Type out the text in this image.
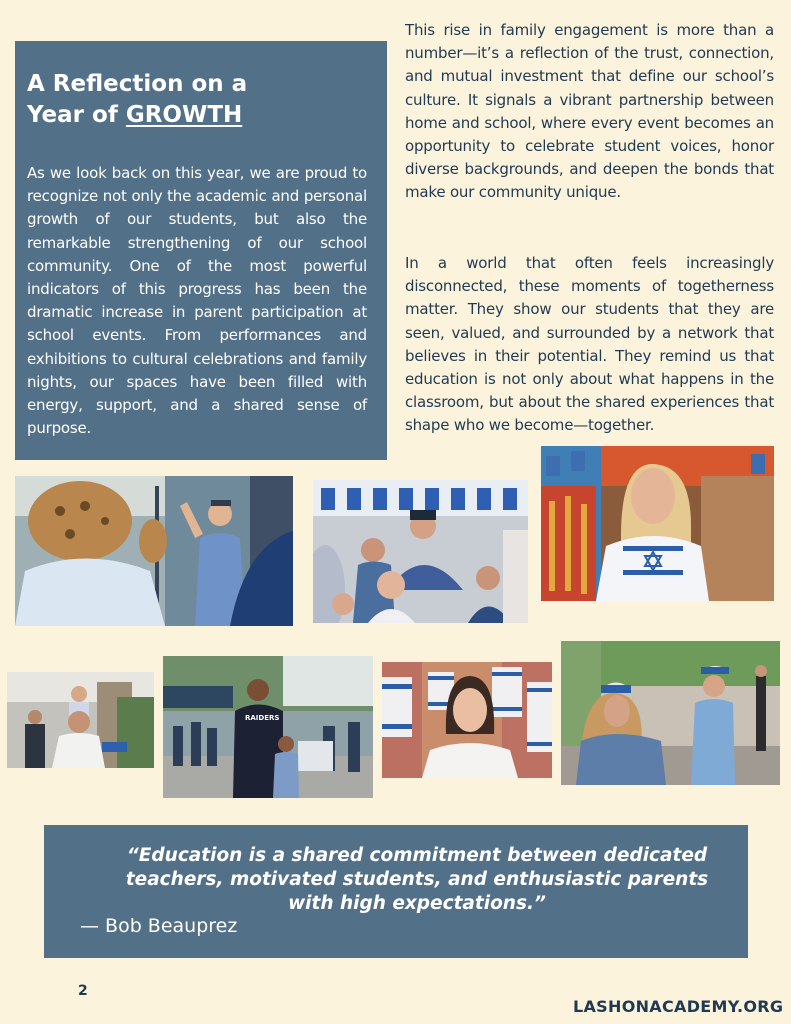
A Reflection on a
Year of GROWTH

As we look back on this year, we are proud to recognize not only the academic and personal growth of our students, but also the remarkable strengthening of our school community. One of the most powerful indicators of this progress has been the dramatic increase in parent participation at school events. From performances and exhibitions to cultural celebrations and family nights, our spaces have been filled with energy, support, and a shared sense of purpose.

This rise in family engagement is more than a number—it’s a reflection of the trust, connection, and mutual investment that define our school’s culture. It signals a vibrant partnership between home and school, where every event becomes an opportunity to celebrate student voices, honor diverse backgrounds, and deepen the bonds that make our community unique.

In a world that often feels increasingly disconnected, these moments of togetherness matter. They show our students that they are seen, valued, and surrounded by a network that believes in their potential. They remind us that education is not only about what happens in the classroom, but about the shared experiences that shape who we become—together.

RAIDERS

“Education is a shared commitment between dedicated teachers, motivated students, and enthusiastic parents with high expectations.”

— Bob Beauprez

2
LASHONACADEMY.ORG
